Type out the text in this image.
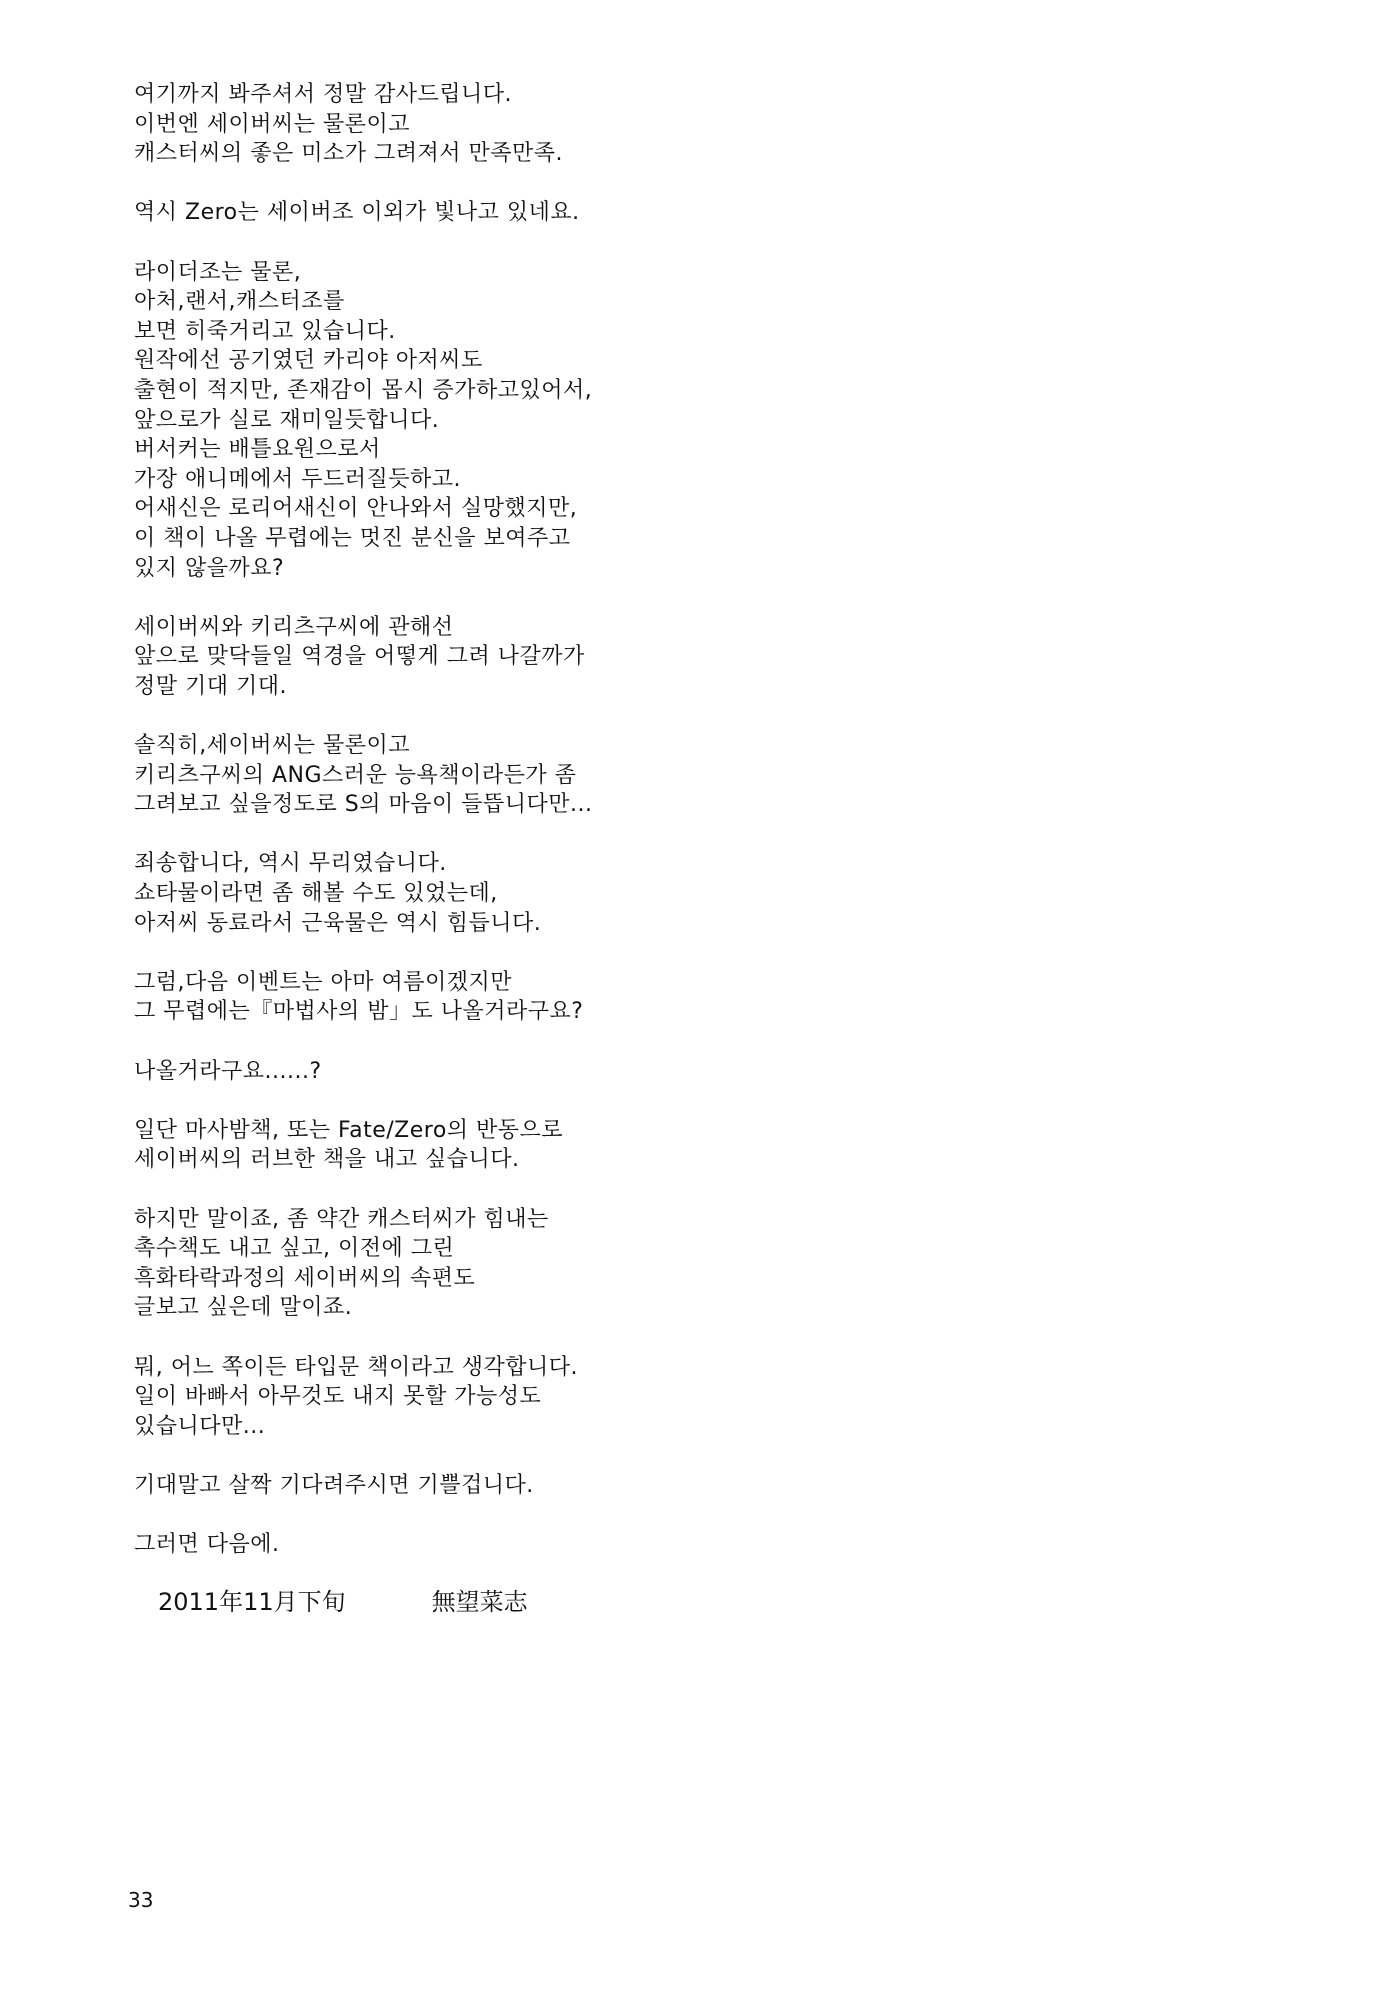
여기까지 봐주셔서 정말 감사드립니다.
이번엔 세이버씨는 물론이고
캐스터씨의 좋은 미소가 그려져서 만족만족.
역시 Zero는 세이버조 이외가 빛나고 있네요.
라이더조는 물론,
아처,랜서,캐스터조를
보면 히죽거리고 있습니다.
원작에선 공기였던 카리야 아저씨도
출현이 적지만, 존재감이 몹시 증가하고있어서,
앞으로가 실로 재미일듯합니다.
버서커는 배틀요원으로서
가장 애니메에서 두드러질듯하고.
어새신은 로리어새신이 안나와서 실망했지만,
이 책이 나올 무렵에는 멋진 분신을 보여주고
있지 않을까요?
세이버씨와 키리츠구씨에 관해선
앞으로 맞닥들일 역경을 어떻게 그려 나갈까가
정말 기대 기대.
솔직히,세이버씨는 물론이고
키리츠구씨의 ANG스러운 능욕책이라든가 좀
그려보고 싶을정도로 S의 마음이 들뜹니다만...
죄송합니다, 역시 무리였습니다.
쇼타물이라면 좀 해볼 수도 있었는데,
아저씨 동료라서 근육물은 역시 힘듭니다.
그럼,다음 이벤트는 아마 여름이겠지만
그 무렵에는『마법사의 밤」도 나올거라구요?
나올거라구요......?
일단 마사밤책, 또는 Fate/Zero의 반동으로
세이버씨의 러브한 책을 내고 싶습니다.
하지만 말이죠, 좀 약간 캐스터씨가 힘내는
촉수책도 내고 싶고, 이전에 그린
흑화타락과정의 세이버씨의 속편도
글보고 싶은데 말이죠.
뭐, 어느 쪽이든 타입문 책이라고 생각합니다.
일이 바빠서 아무것도 내지 못할 가능성도
있습니다만...
기대말고 살짝 기다려주시면 기쁠겁니다.
그러면 다음에.
2011年11月下旬	無望菜志
33
